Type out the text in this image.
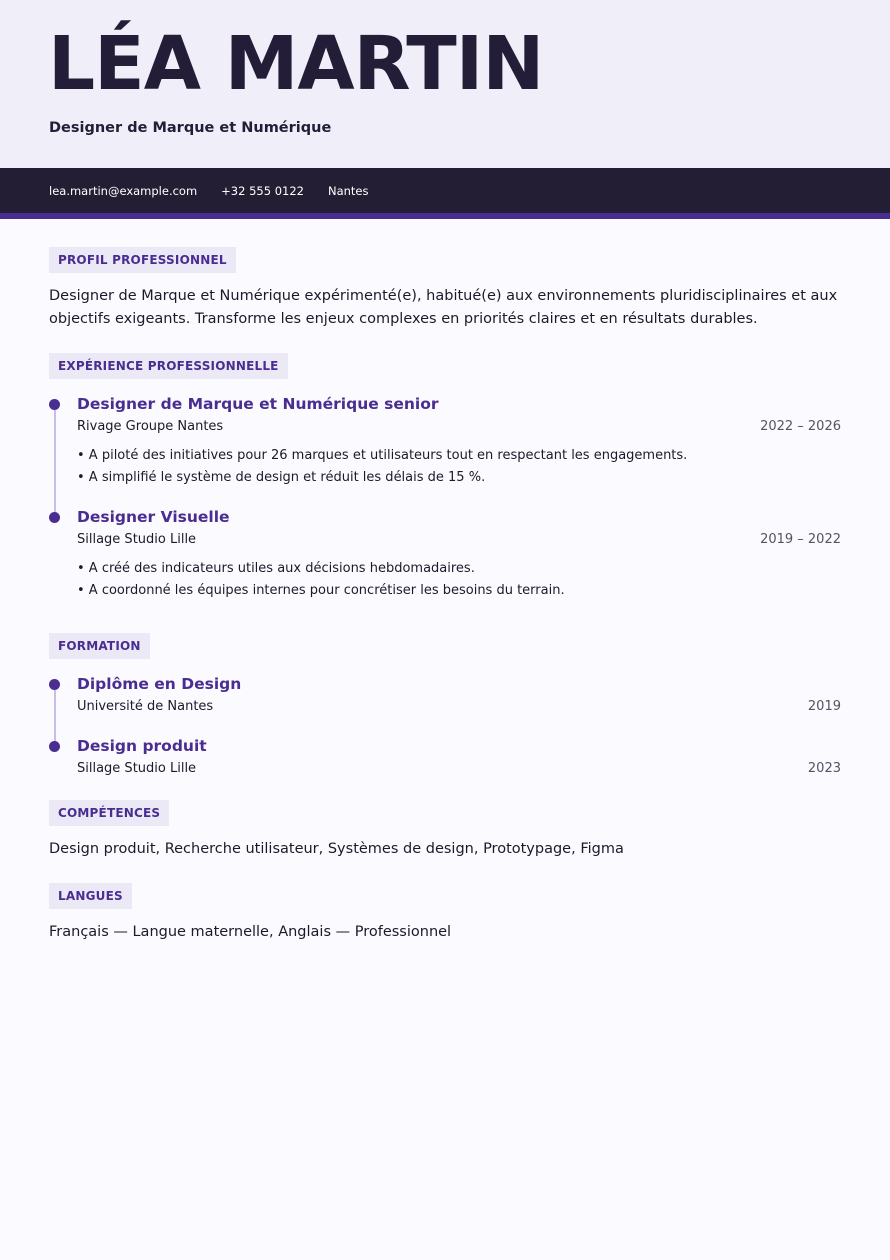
LÉA MARTIN
Designer de Marque et Numérique
lea.martin@example.com +32 555 0122 Nantes
PROFIL PROFESSIONNEL
Designer de Marque et Numérique expérimenté(e), habitué(e) aux environnements pluridisciplinaires et aux objectifs exigeants. Transforme les enjeux complexes en priorités claires et en résultats durables.
EXPÉRIENCE PROFESSIONNELLE
Designer de Marque et Numérique senior
Rivage Groupe Nantes	2022 – 2026
• A piloté des initiatives pour 26 marques et utilisateurs tout en respectant les engagements.
• A simplifié le système de design et réduit les délais de 15 %.
Designer Visuelle
Sillage Studio Lille	2019 – 2022
• A créé des indicateurs utiles aux décisions hebdomadaires.
• A coordonné les équipes internes pour concrétiser les besoins du terrain.
FORMATION
Diplôme en Design
Université de Nantes	2019
Design produit
Sillage Studio Lille	2023
COMPÉTENCES
Design produit, Recherche utilisateur, Systèmes de design, Prototypage, Figma
LANGUES
Français — Langue maternelle, Anglais — Professionnel
